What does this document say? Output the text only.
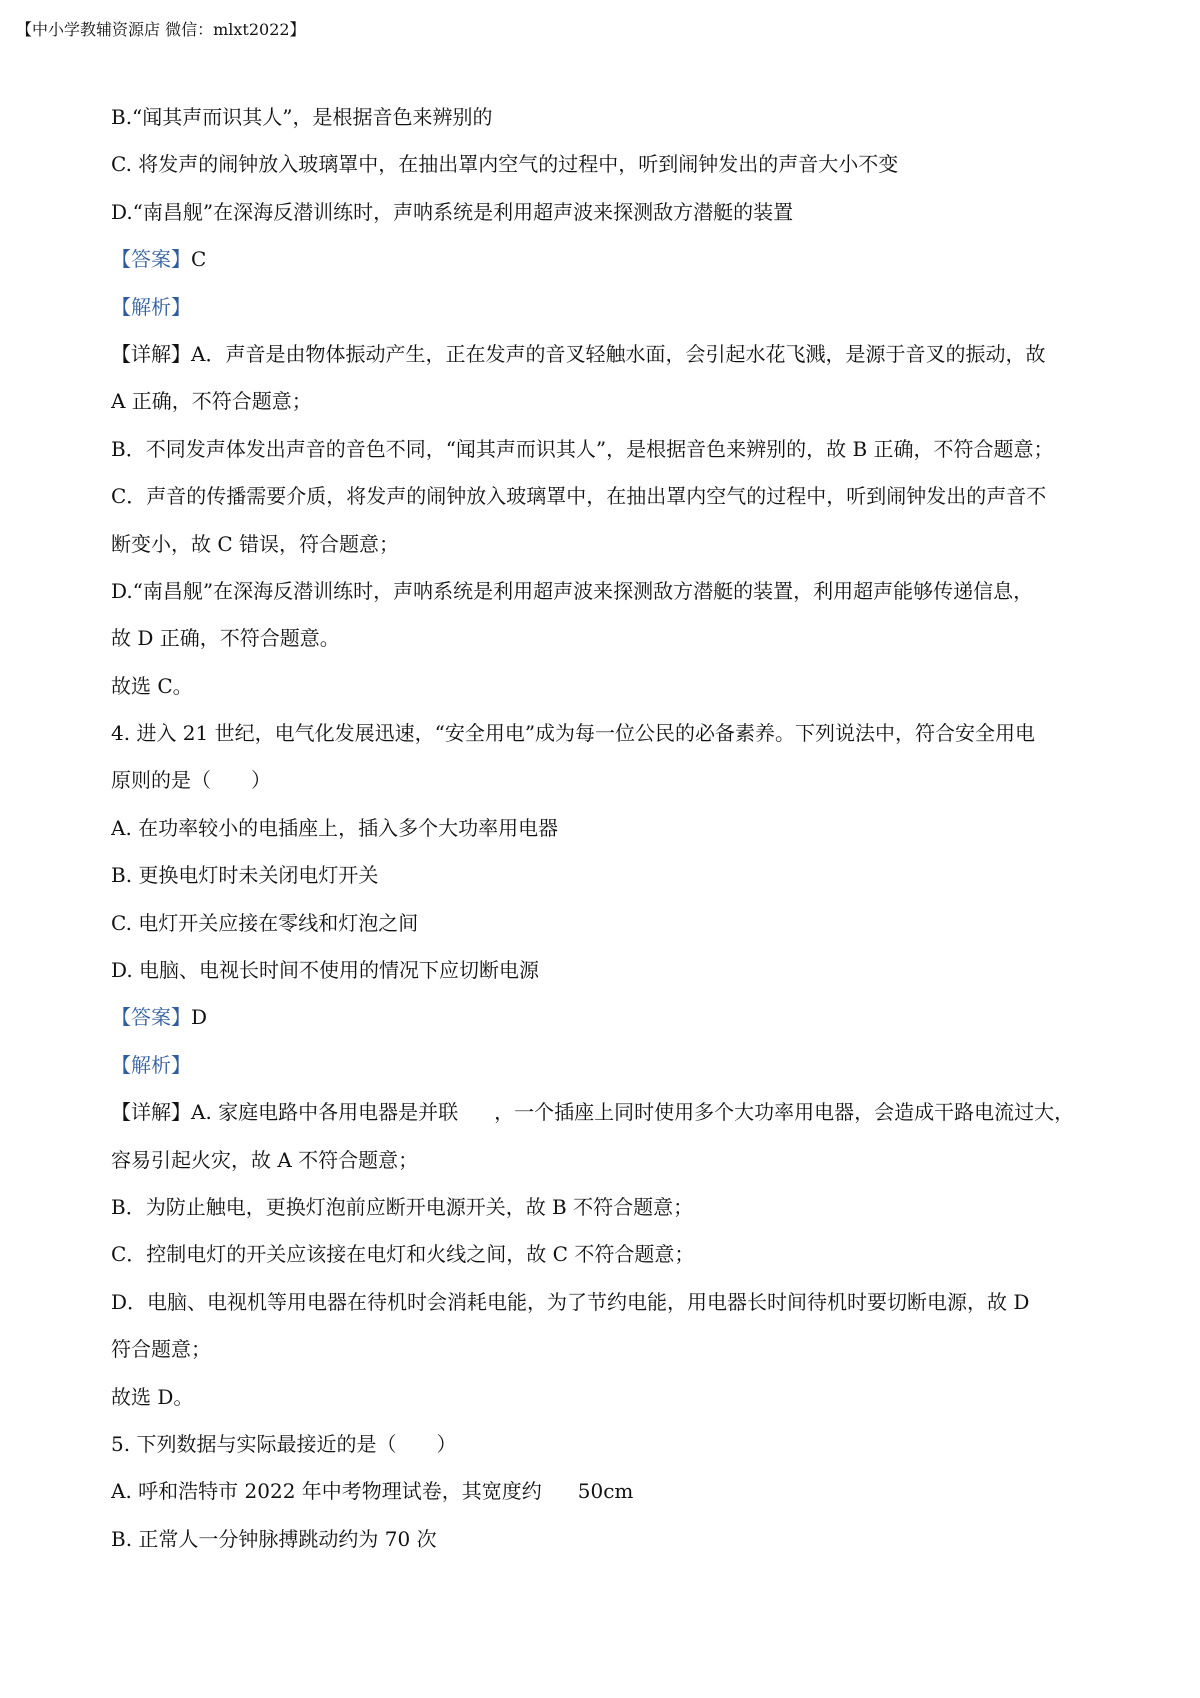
【中小学教辅资源店 微信：mlxt2022】
B.“闻其声而识其人”，是根据音色来辨别的
C. 将发声的闹钟放入玻璃罩中，在抽出罩内空气的过程中，听到闹钟发出的声音大小不变
D.“南昌舰”在深海反潜训练时，声呐系统是利用超声波来探测敌方潜艇的装置
【答案】C
【解析】
【详解】A．声音是由物体振动产生，正在发声的音叉轻触水面，会引起水花飞溅，是源于音叉的振动，故
A 正确，不符合题意；
B．不同发声体发出声音的音色不同，“闻其声而识其人”，是根据音色来辨别的，故 B 正确，不符合题意；
C．声音的传播需要介质，将发声的闹钟放入玻璃罩中，在抽出罩内空气的过程中，听到闹钟发出的声音不
断变小，故 C 错误，符合题意；
D.“南昌舰”在深海反潜训练时，声呐系统是利用超声波来探测敌方潜艇的装置，利用超声能够传递信息，
故 D 正确，不符合题意。
故选 C。
4. 进入 21 世纪，电气化发展迅速，“安全用电”成为每一位公民的必备素养。下列说法中，符合安全用电
原则的是（　　）
A. 在功率较小的电插座上，插入多个大功率用电器
B. 更换电灯时未关闭电灯开关
C. 电灯开关应接在零线和灯泡之间
D. 电脑、电视长时间不使用的情况下应切断电源
【答案】D
【解析】
【详解】A. 家庭电路中各用电器是并联 ，一个插座上同时使用多个大功率用电器，会造成干路电流过大，
容易引起火灾，故 A 不符合题意；
B．为防止触电，更换灯泡前应断开电源开关，故 B 不符合题意；
C．控制电灯的开关应该接在电灯和火线之间，故 C 不符合题意；
D．电脑、电视机等用电器在待机时会消耗电能，为了节约电能，用电器长时间待机时要切断电源，故 D
符合题意；
故选 D。
5. 下列数据与实际最接近的是（　　）
A. 呼和浩特市 2022 年中考物理试卷，其宽度约 50cm
B. 正常人一分钟脉搏跳动约为 70 次
